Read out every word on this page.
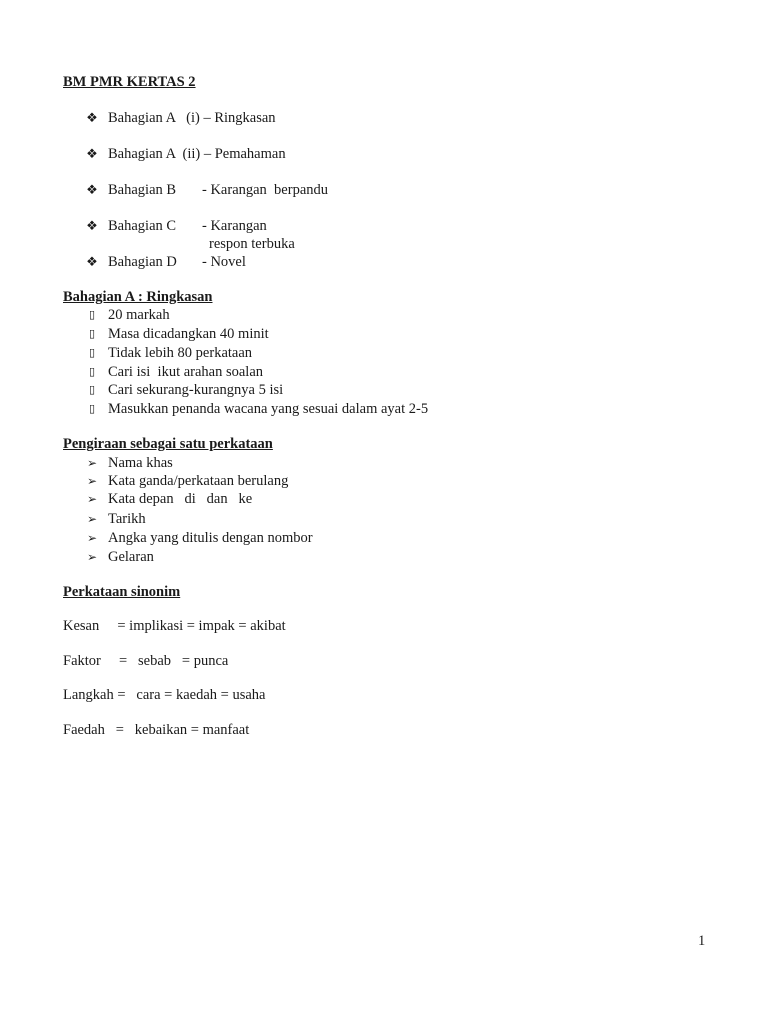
BM PMR KERTAS 2
❖ Bahagian A   (i) – Ringkasan
❖ Bahagian A  (ii) – Pemahaman
❖ Bahagian B - Karangan  berpandu
❖ Bahagian C - Karangan
respon terbuka
❖ Bahagian D - Novel
Bahagian A : Ringkasan
▯ 20 markah
▯ Masa dicadangkan 40 minit
▯ Tidak lebih 80 perkataan
▯ Cari isi  ikut arahan soalan
▯ Cari sekurang-kurangnya 5 isi
▯ Masukkan penanda wacana yang sesuai dalam ayat 2-5
Pengiraan sebagai satu perkataan
➢ Nama khas
➢ Kata ganda/perkataan berulang
➢ Kata depan   di   dan   ke
➢ Tarikh
➢ Angka yang ditulis dengan nombor
➢ Gelaran
Perkataan sinonim
Kesan     = implikasi = impak = akibat
Faktor     =   sebab   = punca
Langkah =   cara = kaedah = usaha
Faedah   =   kebaikan = manfaat
1
